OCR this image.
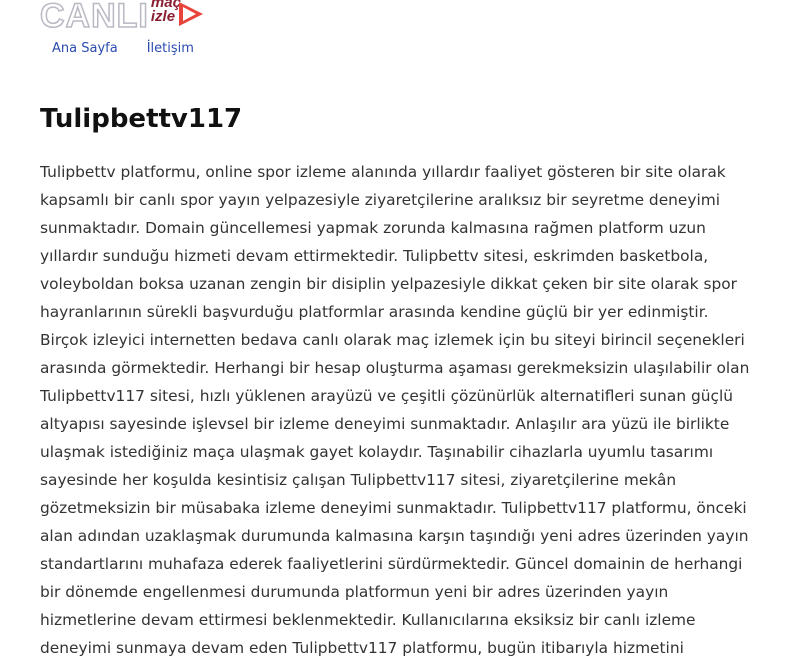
CANLI maç
izle
Ana Sayfa İletişim
Tulipbettv117

Tulipbettv platformu, online spor izleme alanında yıllardır faaliyet gösteren bir site olarak kapsamlı bir canlı spor yayın yelpazesiyle ziyaretçilerine aralıksız bir seyretme deneyimi sunmaktadır. Domain güncellemesi yapmak zorunda kalmasına rağmen platform uzun yıllardır sunduğu hizmeti devam ettirmektedir. Tulipbettv sitesi, eskrimden basketbola, voleyboldan boksa uzanan zengin bir disiplin yelpazesiyle dikkat çeken bir site olarak spor hayranlarının sürekli başvurduğu platformlar arasında kendine güçlü bir yer edinmiştir. Birçok izleyici internetten bedava canlı olarak maç izlemek için bu siteyi birincil seçenekleri arasında görmektedir. Herhangi bir hesap oluşturma aşaması gerekmeksizin ulaşılabilir olan Tulipbettv117 sitesi, hızlı yüklenen arayüzü ve çeşitli çözünürlük alternatifleri sunan güçlü altyapısı sayesinde işlevsel bir izleme deneyimi sunmaktadır. Anlaşılır ara yüzü ile birlikte ulaşmak istediğiniz maça ulaşmak gayet kolaydır. Taşınabilir cihazlarla uyumlu tasarımı sayesinde her koşulda kesintisiz çalışan Tulipbettv117 sitesi, ziyaretçilerine mekân gözetmeksizin bir müsabaka izleme deneyimi sunmaktadır. Tulipbettv117 platformu, önceki alan adından uzaklaşmak durumunda kalmasına karşın taşındığı yeni adres üzerinden yayın standartlarını muhafaza ederek faaliyetlerini sürdürmektedir. Güncel domainin de herhangi bir dönemde engellenmesi durumunda platformun yeni bir adres üzerinden yayın hizmetlerine devam ettirmesi beklenmektedir. Kullanıcılarına eksiksiz bir canlı izleme deneyimi sunmaya devam eden Tulipbettv117 platformu, bugün itibarıyla hizmetini
